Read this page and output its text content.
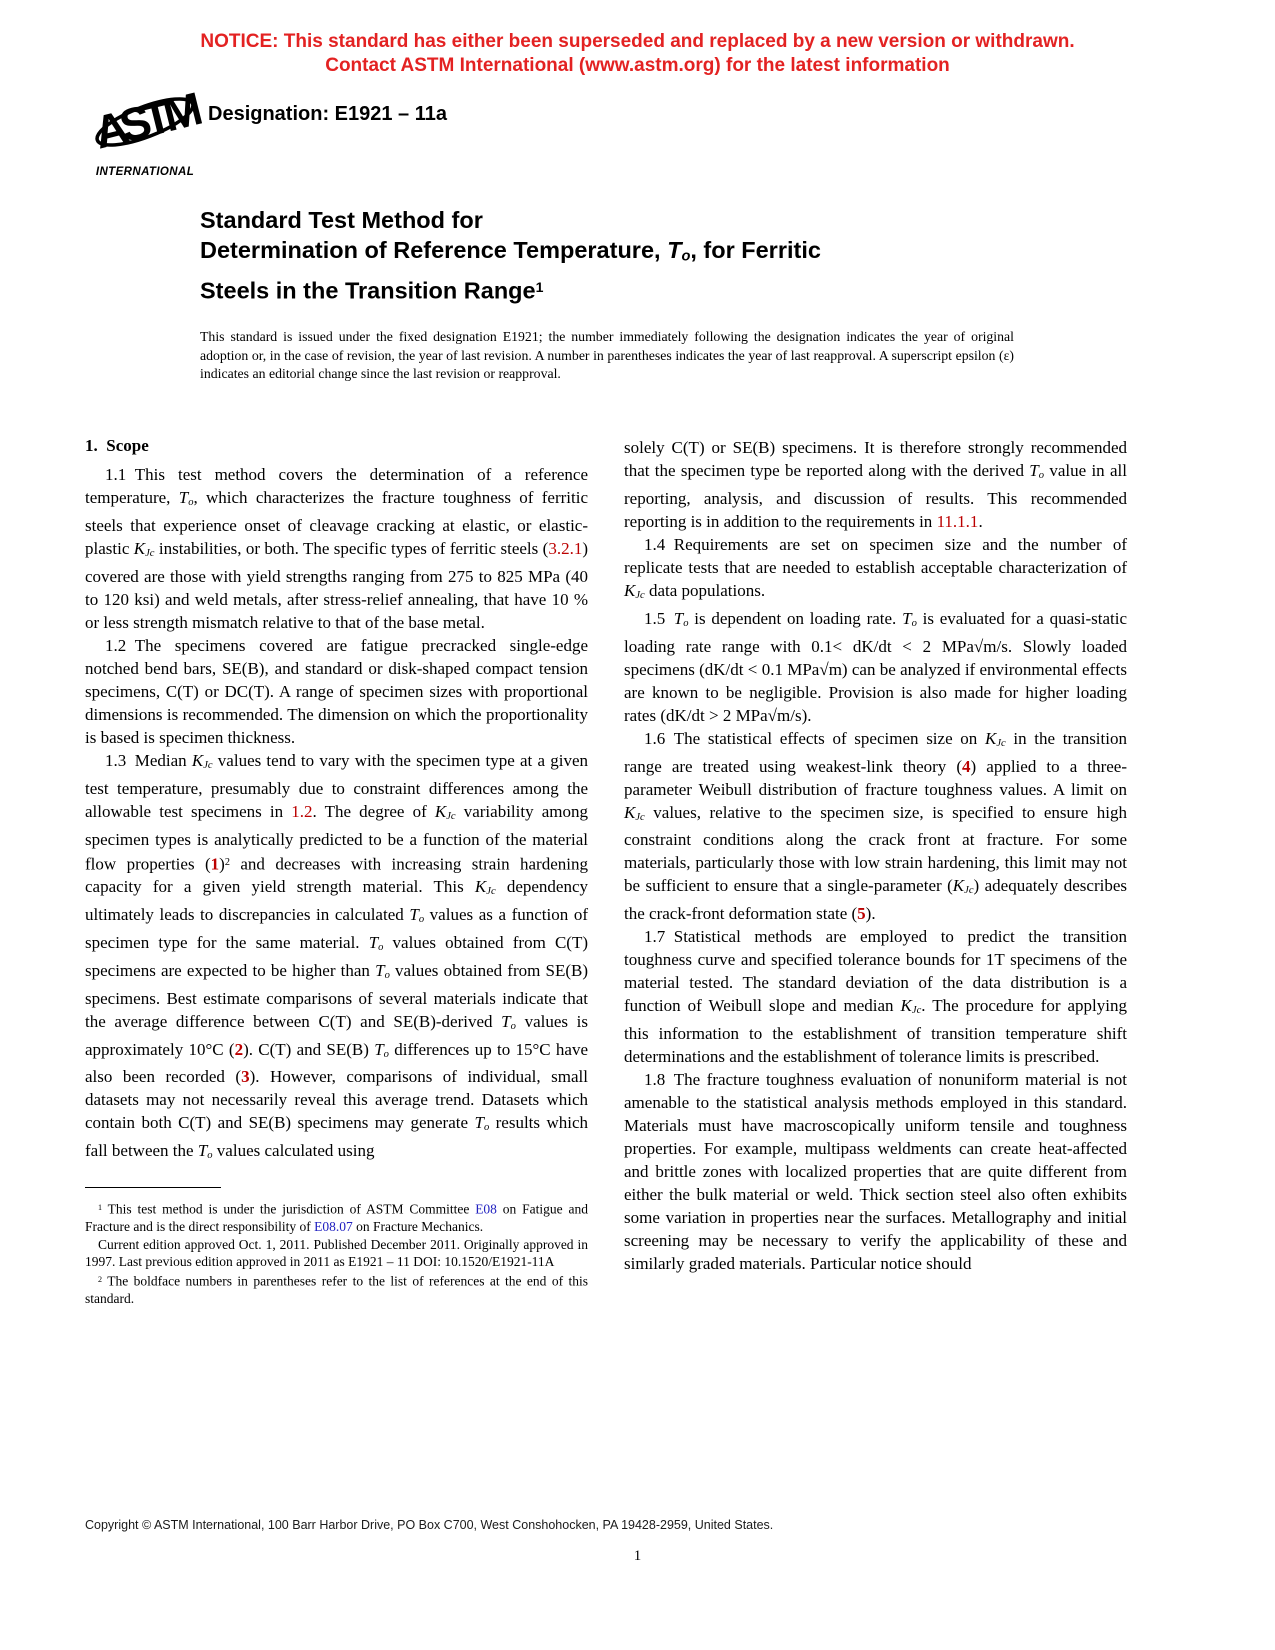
NOTICE: This standard has either been superseded and replaced by a new version or withdrawn.
Contact ASTM International (www.astm.org) for the latest information
ASTM
INTERNATIONAL
Designation: E1921 – 11a
Standard Test Method for
Determination of Reference Temperature, To, for Ferritic
Steels in the Transition Range$^1$
This standard is issued under the fixed designation E1921; the number immediately following the designation indicates the year of original adoption or, in the case of revision, the year of last revision. A number in parentheses indicates the year of last reapproval. A superscript epsilon (ε) indicates an editorial change since the last revision or reapproval.
1. Scope

1.1 This test method covers the determination of a reference temperature, To, which characterizes the fracture toughness of ferritic steels that experience onset of cleavage cracking at elastic, or elastic-plastic KJc instabilities, or both. The specific types of ferritic steels (3.2.1) covered are those with yield strengths ranging from 275 to 825 MPa (40 to 120 ksi) and weld metals, after stress-relief annealing, that have 10 % or less strength mismatch relative to that of the base metal.

1.2 The specimens covered are fatigue precracked single-edge notched bend bars, SE(B), and standard or disk-shaped compact tension specimens, C(T) or DC(T). A range of specimen sizes with proportional dimensions is recommended. The dimension on which the proportionality is based is specimen thickness.

1.3 Median KJc values tend to vary with the specimen type at a given test temperature, presumably due to constraint differences among the allowable test specimens in 1.2. The degree of KJc variability among specimen types is analytically predicted to be a function of the material flow properties $(1)^2$ and decreases with increasing strain hardening capacity for a given yield strength material. This KJc dependency ultimately leads to discrepancies in calculated To values as a function of specimen type for the same material. To values obtained from C(T) specimens are expected to be higher than To values obtained from SE(B) specimens. Best estimate comparisons of several materials indicate that the average difference between C(T) and SE(B)-derived To values is approximately 10°C (2). C(T) and SE(B) To differences up to 15°C have also been recorded (3). However, comparisons of individual, small datasets may not necessarily reveal this average trend. Datasets which contain both C(T) and SE(B) specimens may generate To results which fall between the To values calculated using

$^1$ This test method is under the jurisdiction of ASTM Committee E08 on Fatigue and Fracture and is the direct responsibility of E08.07 on Fracture Mechanics.

Current edition approved Oct. 1, 2011. Published December 2011. Originally approved in 1997. Last previous edition approved in 2011 as E1921 – 11 DOI: 10.1520/E1921-11A

$^2$ The boldface numbers in parentheses refer to the list of references at the end of this standard.

solely C(T) or SE(B) specimens. It is therefore strongly recommended that the specimen type be reported along with the derived To value in all reporting, analysis, and discussion of results. This recommended reporting is in addition to the requirements in 11.1.1.

1.4 Requirements are set on specimen size and the number of replicate tests that are needed to establish acceptable characterization of KJc data populations.

1.5 To is dependent on loading rate. To is evaluated for a quasi-static loading rate range with 0.1< dK/dt < 2 MPa√m/s. Slowly loaded specimens (dK/dt < 0.1 MPa√m) can be analyzed if environmental effects are known to be negligible. Provision is also made for higher loading rates (dK/dt > 2 MPa√m/s).

1.6 The statistical effects of specimen size on KJc in the transition range are treated using weakest-link theory (4) applied to a three-parameter Weibull distribution of fracture toughness values. A limit on KJc values, relative to the specimen size, is specified to ensure high constraint conditions along the crack front at fracture. For some materials, particularly those with low strain hardening, this limit may not be sufficient to ensure that a single-parameter (KJc) adequately describes the crack-front deformation state (5).

1.7 Statistical methods are employed to predict the transition toughness curve and specified tolerance bounds for 1T specimens of the material tested. The standard deviation of the data distribution is a function of Weibull slope and median KJc. The procedure for applying this information to the establishment of transition temperature shift determinations and the establishment of tolerance limits is prescribed.

1.8 The fracture toughness evaluation of nonuniform material is not amenable to the statistical analysis methods employed in this standard. Materials must have macroscopically uniform tensile and toughness properties. For example, multipass weldments can create heat-affected and brittle zones with localized properties that are quite different from either the bulk material or weld. Thick section steel also often exhibits some variation in properties near the surfaces. Metallography and initial screening may be necessary to verify the applicability of these and similarly graded materials. Particular notice should

Copyright © ASTM International, 100 Barr Harbor Drive, PO Box C700, West Conshohocken, PA 19428-2959, United States.
1
